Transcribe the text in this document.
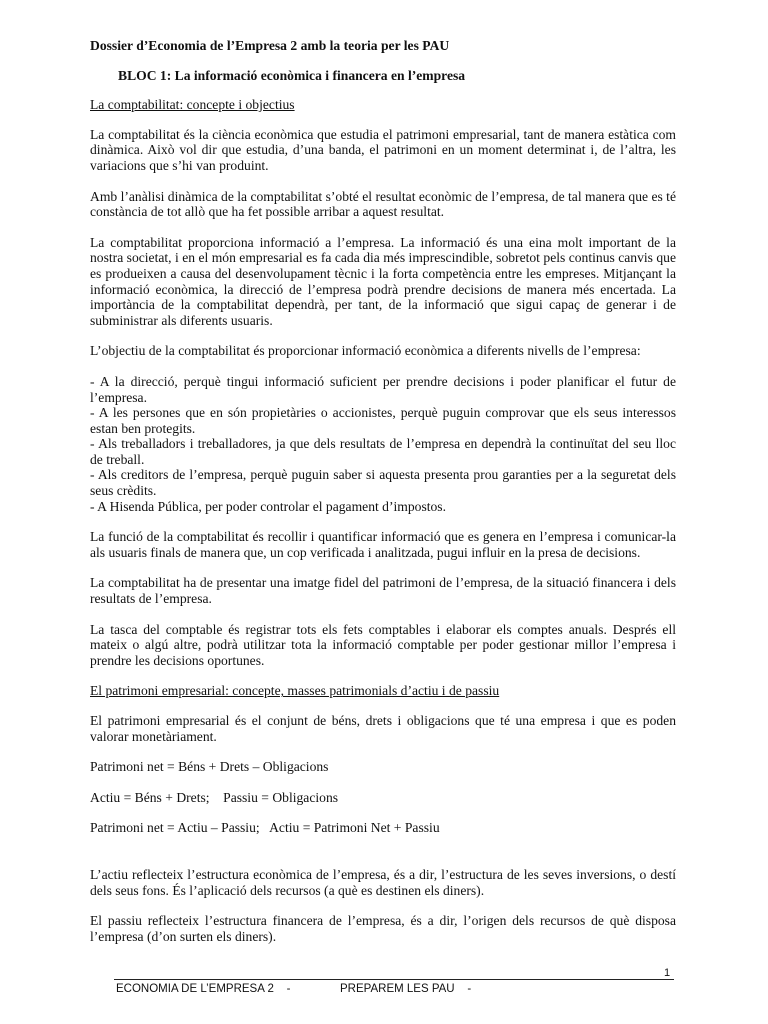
Dossier d’Economia de l’Empresa 2 amb la teoria per les PAU
BLOC 1: La informació econòmica i financera en l’empresa
La comptabilitat: concepte i objectius

La comptabilitat és la ciència econòmica que estudia el patrimoni empresarial, tant de manera estàtica com dinàmica. Això vol dir que estudia, d’una banda, el patrimoni en un moment determinat i, de l’altra, les variacions que s’hi van produint.

Amb l’anàlisi dinàmica de la comptabilitat s’obté el resultat econòmic de l’empresa, de tal manera que es té constància de tot allò que ha fet possible arribar a aquest resultat.

La comptabilitat proporciona informació a l’empresa. La informació és una eina molt important de la nostra societat, i en el món empresarial es fa cada dia més imprescindible, sobretot pels continus canvis que es produeixen a causa del desenvolupament tècnic i la forta competència entre les empreses. Mitjançant la informació econòmica, la direcció de l’empresa podrà prendre decisions de manera més encertada. La importància de la comptabilitat dependrà, per tant, de la informació que sigui capaç de generar i de subministrar als diferents usuaris.

L’objectiu de la comptabilitat és proporcionar informació econòmica a diferents nivells de l’empresa:

- A la direcció, perquè tingui informació suficient per prendre decisions i poder planificar el futur de l’empresa.
- A les persones que en són propietàries o accionistes, perquè puguin comprovar que els seus interessos estan ben protegits.
- Als treballadors i treballadores, ja que dels resultats de l’empresa en dependrà la continuïtat del seu lloc de treball.
- Als creditors de l’empresa, perquè puguin saber si aquesta presenta prou garanties per a la seguretat dels seus crèdits.
- A Hisenda Pública, per poder controlar el pagament d’impostos.

La funció de la comptabilitat és recollir i quantificar informació que es genera en l’empresa i comunicar-la als usuaris finals de manera que, un cop verificada i analitzada, pugui influir en la presa de decisions.

La comptabilitat ha de presentar una imatge fidel del patrimoni de l’empresa, de la situació financera i dels resultats de l’empresa.

La tasca del comptable és registrar tots els fets comptables i elaborar els comptes anuals. Després ell mateix o algú altre, podrà utilitzar tota la informació comptable per poder gestionar millor l’empresa i prendre les decisions oportunes.

El patrimoni empresarial: concepte, masses patrimonials d’actiu i de passiu

El patrimoni empresarial és el conjunt de béns, drets i obligacions que té una empresa i que es poden valorar monetàriament.

Patrimoni net = Béns + Drets – Obligacions
Actiu = Béns + Drets;    Passiu = Obligacions
Patrimoni net = Actiu – Passiu;   Actiu = Patrimoni Net + Passiu

L’actiu reflecteix l’estructura econòmica de l’empresa, és a dir, l’estructura de les seves inversions, o destí dels seus fons. És l’aplicació dels recursos (a què es destinen els diners).

El passiu reflecteix l’estructura financera de l’empresa, és a dir, l’origen dels recursos de què disposa l’empresa (d’on surten els diners).

1
ECONOMIA DE L’EMPRESA 2    -	PREPAREM LES PAU    -
